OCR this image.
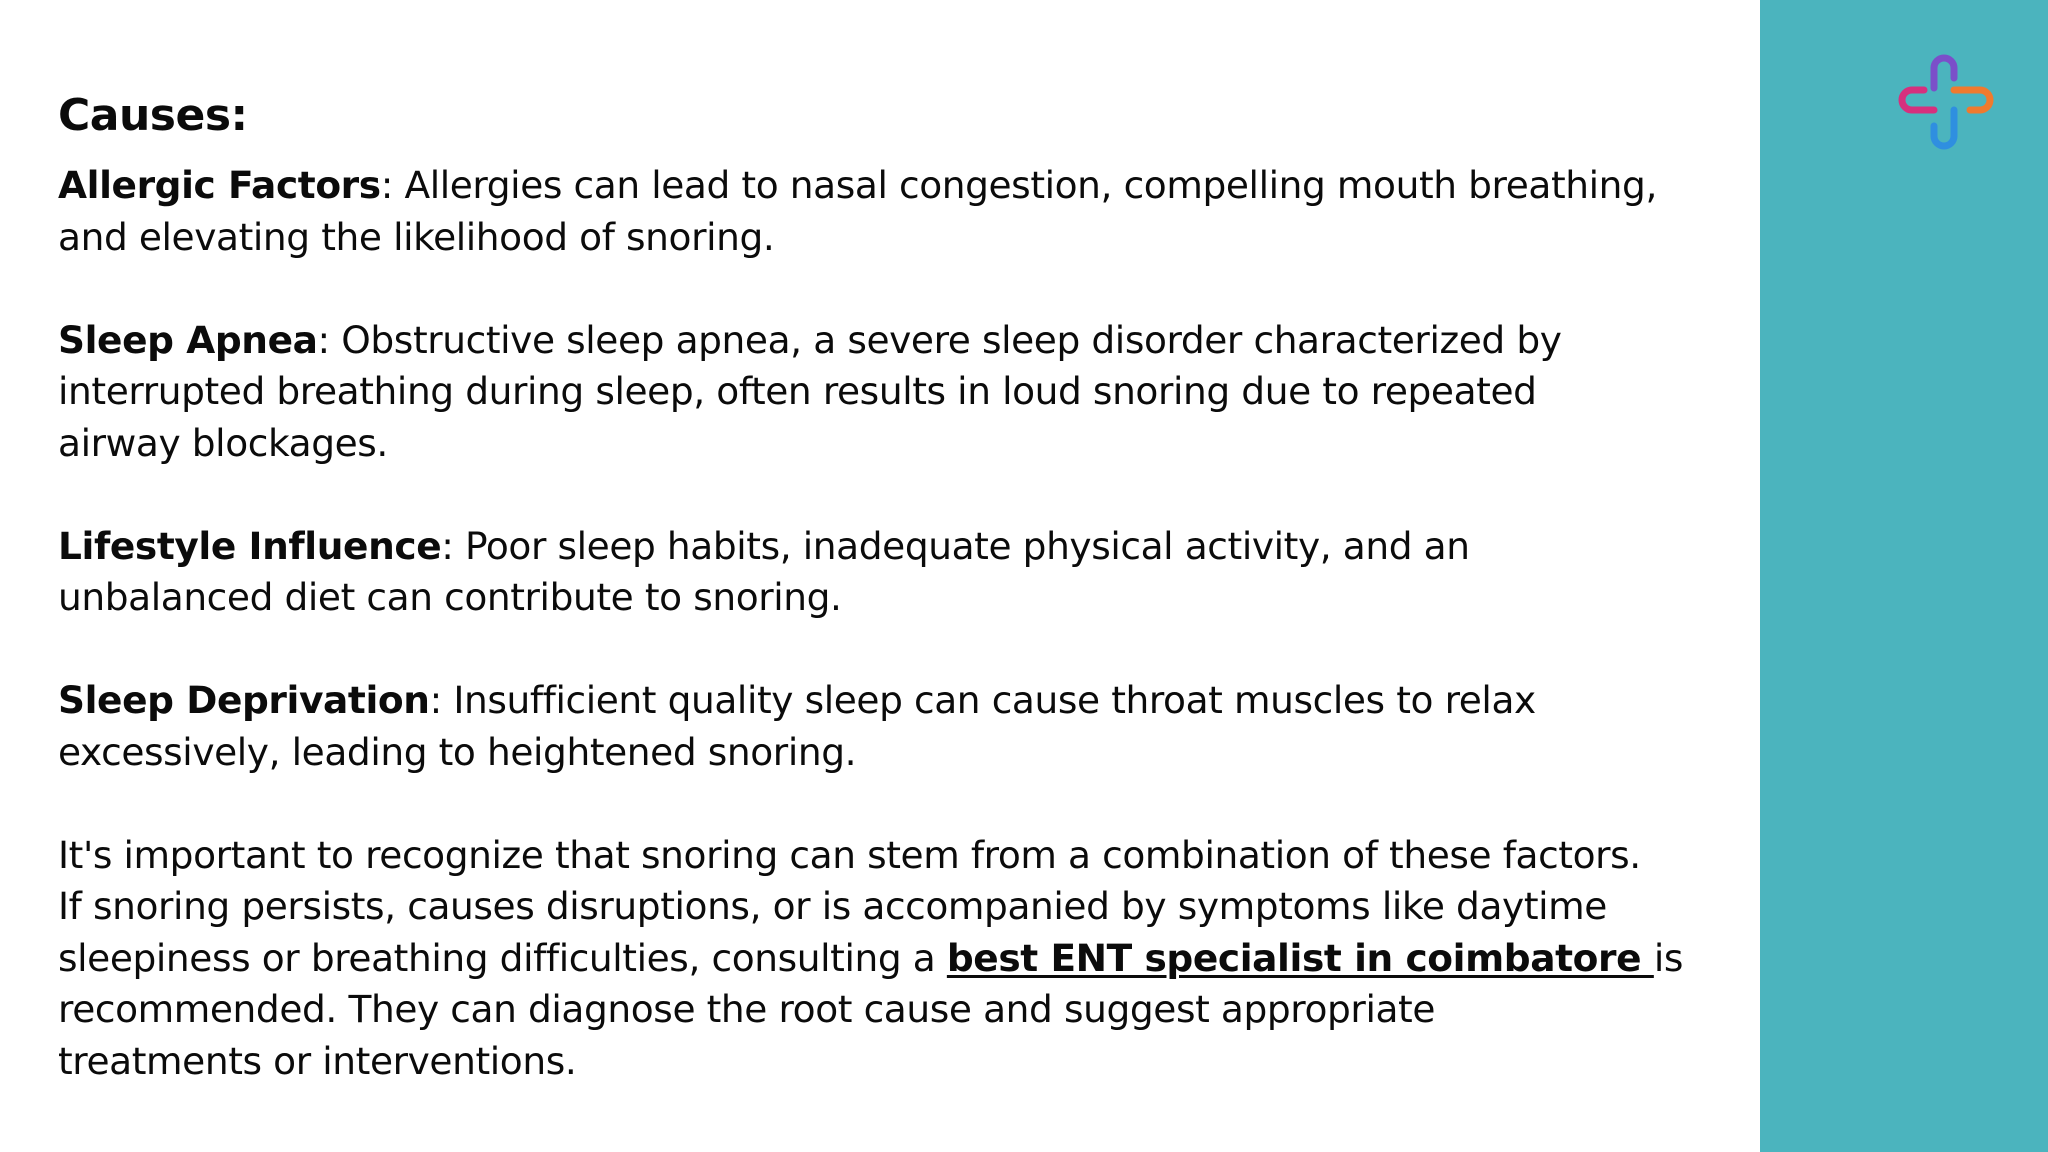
Causes:

Allergic Factors: Allergies can lead to nasal congestion, compelling mouth breathing,
and elevating the likelihood of snoring.

Sleep Apnea: Obstructive sleep apnea, a severe sleep disorder characterized by
interrupted breathing during sleep, often results in loud snoring due to repeated
airway blockages.

Lifestyle Influence: Poor sleep habits, inadequate physical activity, and an
unbalanced diet can contribute to snoring.

Sleep Deprivation: Insufficient quality sleep can cause throat muscles to relax
excessively, leading to heightened snoring.

It's important to recognize that snoring can stem from a combination of these factors.
If snoring persists, causes disruptions, or is accompanied by symptoms like daytime
sleepiness or breathing difficulties, consulting a best ENT specialist in coimbatore is
recommended. They can diagnose the root cause and suggest appropriate
treatments or interventions.
